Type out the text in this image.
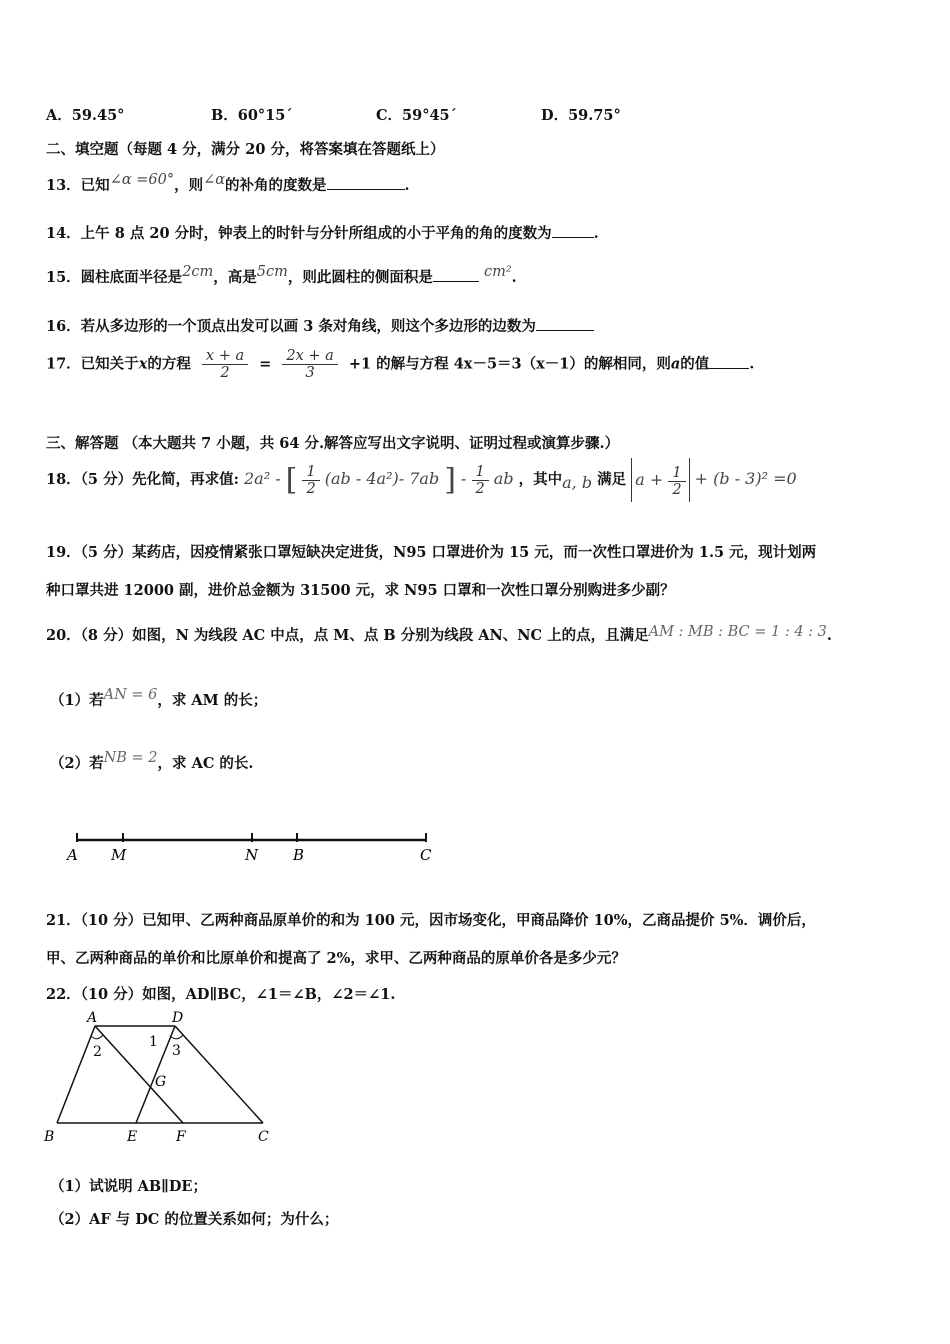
A．59.45°	B．60°15´	C．59°45´	D．59.75°
二、填空题（每题 4 分，满分 20 分，将答案填在答题纸上）
13．已知∠α =60°，则∠α的补角的度数是	.
14．上午 8 点 20 分时，钟表上的时针与分针所组成的小于平角的角的度数为	.
15．圆柱底面半径是2cm，高是5cm，则此圆柱的侧面积是	cm².
16．若从多边形的一个顶点出发可以画 3 条对角线，则这个多边形的边数为
17．已知关于x的方程 $\frac{x + a}{2} = \frac{2x + a}{3} +1$ 的解与方程 4x－5＝3（x－1）的解相同，则a的值	.
三、解答题 （本大题共 7 小题，共 64 分.解答应写出文字说明、证明过程或演算步骤.）
18．（5 分）先化简，再求值: 2a² - [ $\frac{1}{2} (ab - 4a^2)-$ 7ab ] - $\frac{1}{2}$ ab ，其中a, b 满足 $a + \frac{1}{2} + (b - 3)^2 =0$
19．（5 分）某药店，因疫情紧张口罩短缺决定进货，N95 口罩进价为 15 元，而一次性口罩进价为 1.5 元，现计划两
种口罩共进 12000 副，进价总金额为 31500 元，求 N95 口罩和一次性口罩分别购进多少副？
20．（8 分）如图，N 为线段 AC 中点，点 M、点 B 分别为线段 AN、NC 上的点，且满足AM : MB : BC = 1 : 4 : 3.
（1）若AN = 6，求 AM 的长；
（2）若NB = 2，求 AC 的长.
A M	N B	C
21．（10 分）已知甲、乙两种商品原单价的和为 100 元，因市场变化，甲商品降价 10%，乙商品提价 5%．调价后，
甲、乙两种商品的单价和比原单价和提高了 2%，求甲、乙两种商品的原单价各是多少元？
22．（10 分）如图，AD∥BC，∠1＝∠B，∠2＝∠1.
A	D
2
1
3
G
B	E	F	C
（1）试说明 AB∥DE；
（2）AF 与 DC 的位置关系如何；为什么；
